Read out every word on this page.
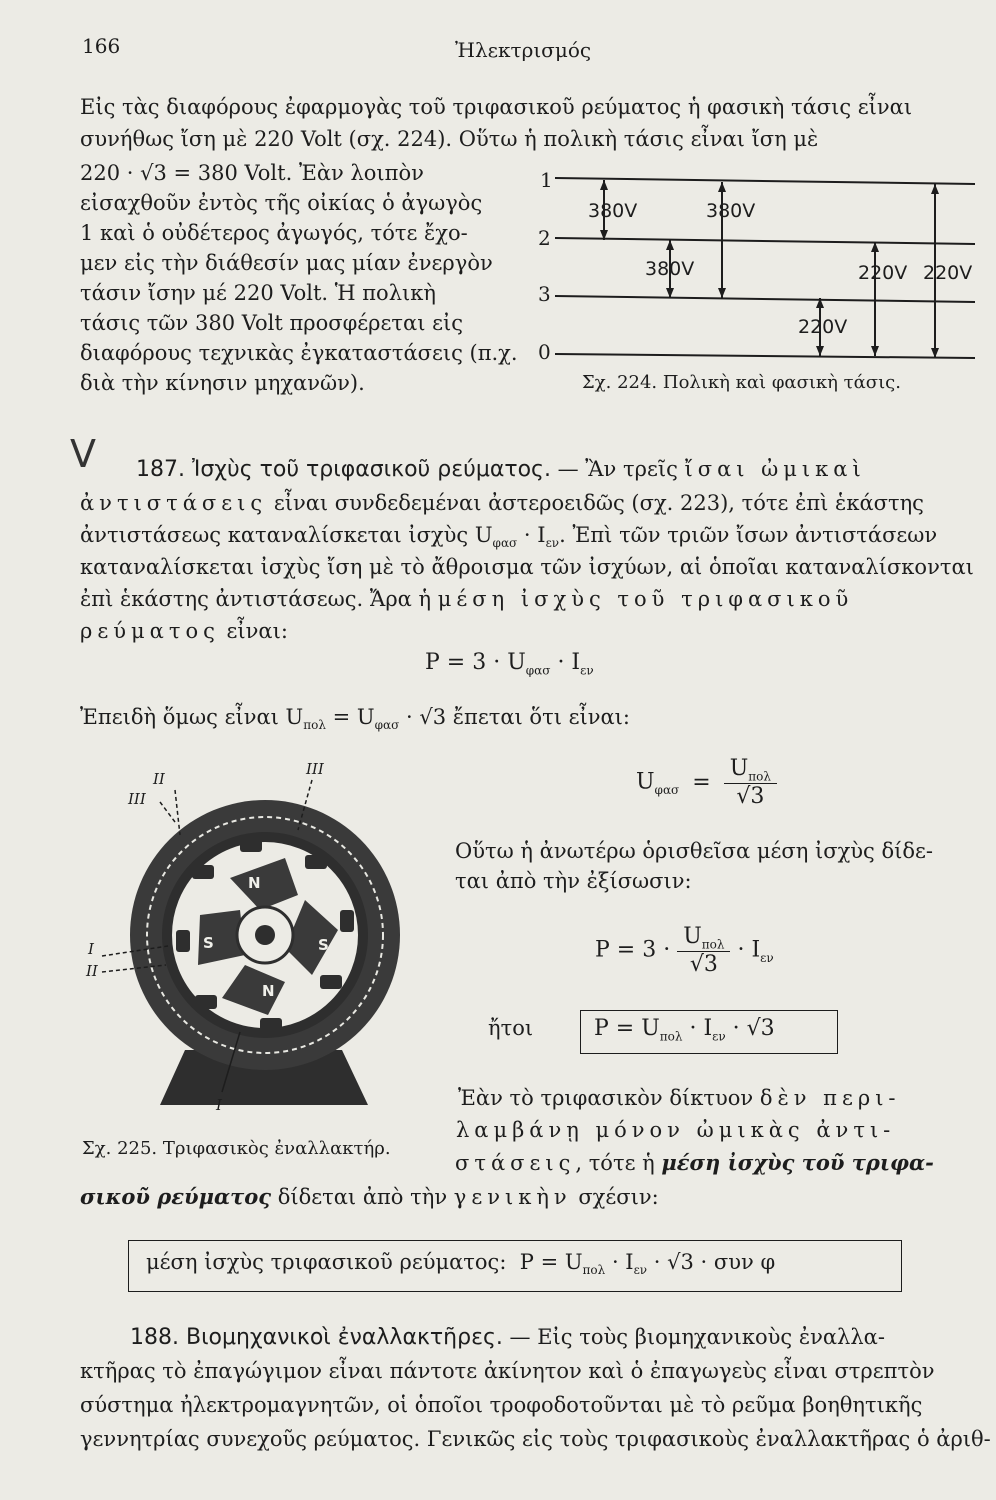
166	Ἠλεκτρισμός
Εἰς τὰς διαφόρους ἐφαρμογὰς τοῦ τριφασικοῦ ρεύματος ἡ φασικὴ τάσις εἶναι
συνήθως ἴση μὲ 220 Volt (σχ. 224). Οὕτω ἡ πολικὴ τάσις εἶναι ἴση μὲ
220 · √3 = 380 Volt. Ἐὰν λοιπὸν
εἰσαχθοῦν ἐντὸς τῆς οἰκίας ὁ ἀγωγὸς
1 καὶ ὁ οὐδέτερος ἀγωγός, τότε ἔχο-
μεν εἰς τὴν διάθεσίν μας μίαν ἐνεργὸν
τάσιν ἴσην μέ 220 Volt. Ἡ πολικὴ
τάσις τῶν 380 Volt προσφέρεται εἰς
διαφόρους τεχνικὰς ἐγκαταστάσεις (π.χ.
διὰ τὴν κίνησιν μηχανῶν).
1
2
3
0
380V	380V
380V	220V 220V
220V
Σχ. 224. Πολικὴ καὶ φασικὴ τάσις.
V 187. Ἰσχὺς τοῦ τριφασικοῦ ρεύματος. — Ἂν τρεῖς ἴσαι ὠμικαὶ
ἀντιστάσεις εἶναι συνδεδεμέναι ἀστεροειδῶς (σχ. 223), τότε ἐπὶ ἑκάστης
ἀντιστάσεως καταναλίσκεται ἰσχὺς $U_{\varphi\alpha\sigma} \cdot I_{\varepsilon\nu}$. Ἐπὶ τῶν τριῶν ἴσων ἀντιστάσεων
καταναλίσκεται ἰσχὺς ἴση μὲ τὸ ἄθροισμα τῶν ἰσχύων, αἱ ὁποῖαι καταναλίσκονται
ἐπὶ ἑκάστης ἀντιστάσεως. Ἄρα ἡ μέση ἰσχὺς τοῦ τριφασικοῦ
ρεύματος εἶναι:
$P = 3 \cdot U_{\varphi\alpha\sigma} \cdot I_{\varepsilon\nu}$
Ἐπειδὴ ὅμως εἶναι $U_{\pi o\lambda} = U_{\varphi\alpha\sigma} \cdot √3$ ἔπεται ὅτι εἶναι:
$U_{\varphi\alpha\sigma} = \frac{U_{\pi o\lambda}}{√3}$
N
S
S
N
III
II
III
I
II
I
Σχ. 225. Τριφασικὸς ἐναλλακτήρ.
Οὕτω ἡ ἀνωτέρω ὁρισθεῖσα μέση ἰσχὺς δίδε-
ται ἀπὸ τὴν ἐξίσωσιν:
$P = 3 \cdot \frac{U_{\pi o\lambda}}{√3} \cdot I_{\varepsilon\nu}$
ἤτοι	$P = U_{\pi o\lambda} \cdot I_{\varepsilon\nu} \cdot √3$
Ἐὰν τὸ τριφασικὸν δίκτυον δὲν περι-
λαμβάνῃ μόνον ὠμικὰς ἀντι-
στάσεις, τότε ἡ μέση ἰσχὺς τοῦ τριφα-
σικοῦ ρεύματος δίδεται ἀπὸ τὴν γενικὴν σχέσιν:
μέση ἰσχὺς τριφασικοῦ ρεύματος: $P = U_{\pi o\lambda} \cdot I_{\varepsilon\nu} \cdot √3 \cdot \sigma\upsilon\nu$ φ
188. Βιομηχανικοὶ ἐναλλακτῆρες. — Εἰς τοὺς βιομηχανικοὺς ἐναλλα-
κτῆρας τὸ ἐπαγώγιμον εἶναι πάντοτε ἀκίνητον καὶ ὁ ἐπαγωγεὺς εἶναι στρεπτὸν
σύστημα ἠλεκτρομαγνητῶν, οἱ ὁποῖοι τροφοδοτοῦνται μὲ τὸ ρεῦμα βοηθητικῆς
γεννητρίας συνεχοῦς ρεύματος. Γενικῶς εἰς τοὺς τριφασικοὺς ἐναλλακτῆρας ὁ ἀριθ-
